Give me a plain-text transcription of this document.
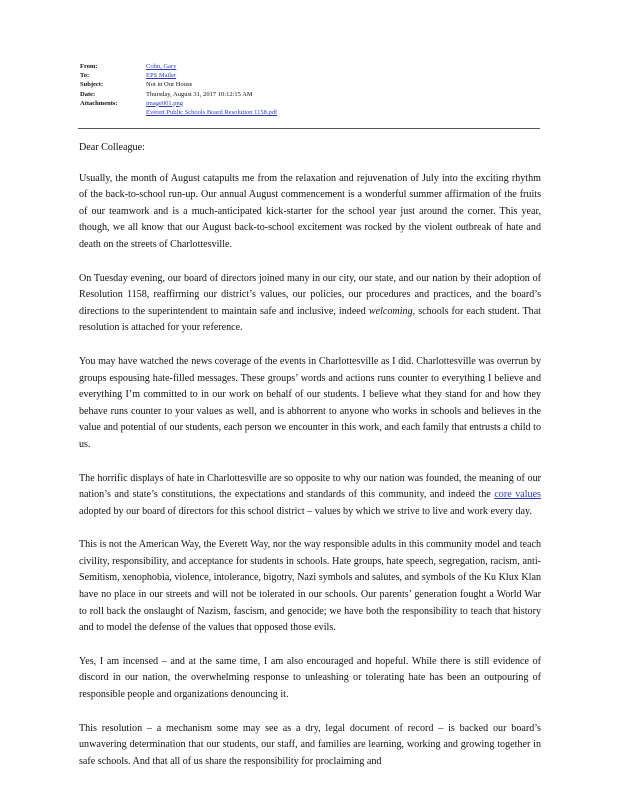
From:	Cohn, Gary
To:	EPS Mailer
Subject:	Not in Our House
Date:	Thursday, August 31, 2017 10:12:15 AM
Attachments:	image001.png
Everett Public Schools Board Resolution 1158.pdf

Dear Colleague:

Usually, the month of August catapults me from the relaxation and rejuvenation of July into the exciting rhythm of the back-to-school run-up. Our annual August commencement is a wonderful summer affirmation of the fruits of our teamwork and is a much-anticipated kick-starter for the school year just around the corner. This year, though, we all know that our August back-to-school excitement was rocked by the violent outbreak of hate and death on the streets of Charlottesville.

On Tuesday evening, our board of directors joined many in our city, our state, and our nation by their adoption of Resolution 1158, reaffirming our district’s values, our policies, our procedures and practices, and the board’s directions to the superintendent to maintain safe and inclusive, indeed welcoming, schools for each student. That resolution is attached for your reference.

You may have watched the news coverage of the events in Charlottesville as I did. Charlottesville was overrun by groups espousing hate-filled messages. These groups’ words and actions runs counter to everything I believe and everything I’m committed to in our work on behalf of our students. I believe what they stand for and how they behave runs counter to your values as well, and is abhorrent to anyone who works in schools and believes in the value and potential of our students, each person we encounter in this work, and each family that entrusts a child to us.

The horrific displays of hate in Charlottesville are so opposite to why our nation was founded, the meaning of our nation’s and state’s constitutions, the expectations and standards of this community, and indeed the core values adopted by our board of directors for this school district – values by which we strive to live and work every day.

This is not the American Way, the Everett Way, nor the way responsible adults in this community model and teach civility, responsibility, and acceptance for students in schools. Hate groups, hate speech, segregation, racism, anti-Semitism, xenophobia, violence, intolerance, bigotry, Nazi symbols and salutes, and symbols of the Ku Klux Klan have no place in our streets and will not be tolerated in our schools. Our parents’ generation fought a World War to roll back the onslaught of Nazism, fascism, and genocide; we have both the responsibility to teach that history and to model the defense of the values that opposed those evils.

Yes, I am incensed – and at the same time, I am also encouraged and hopeful. While there is still evidence of discord in our nation, the overwhelming response to unleashing or tolerating hate has been an outpouring of responsible people and organizations denouncing it.

This resolution – a mechanism some may see as a dry, legal document of record – is backed our board’s unwavering determination that our students, our staff, and families are learning, working and growing together in safe schools. And that all of us share the responsibility for proclaiming and
